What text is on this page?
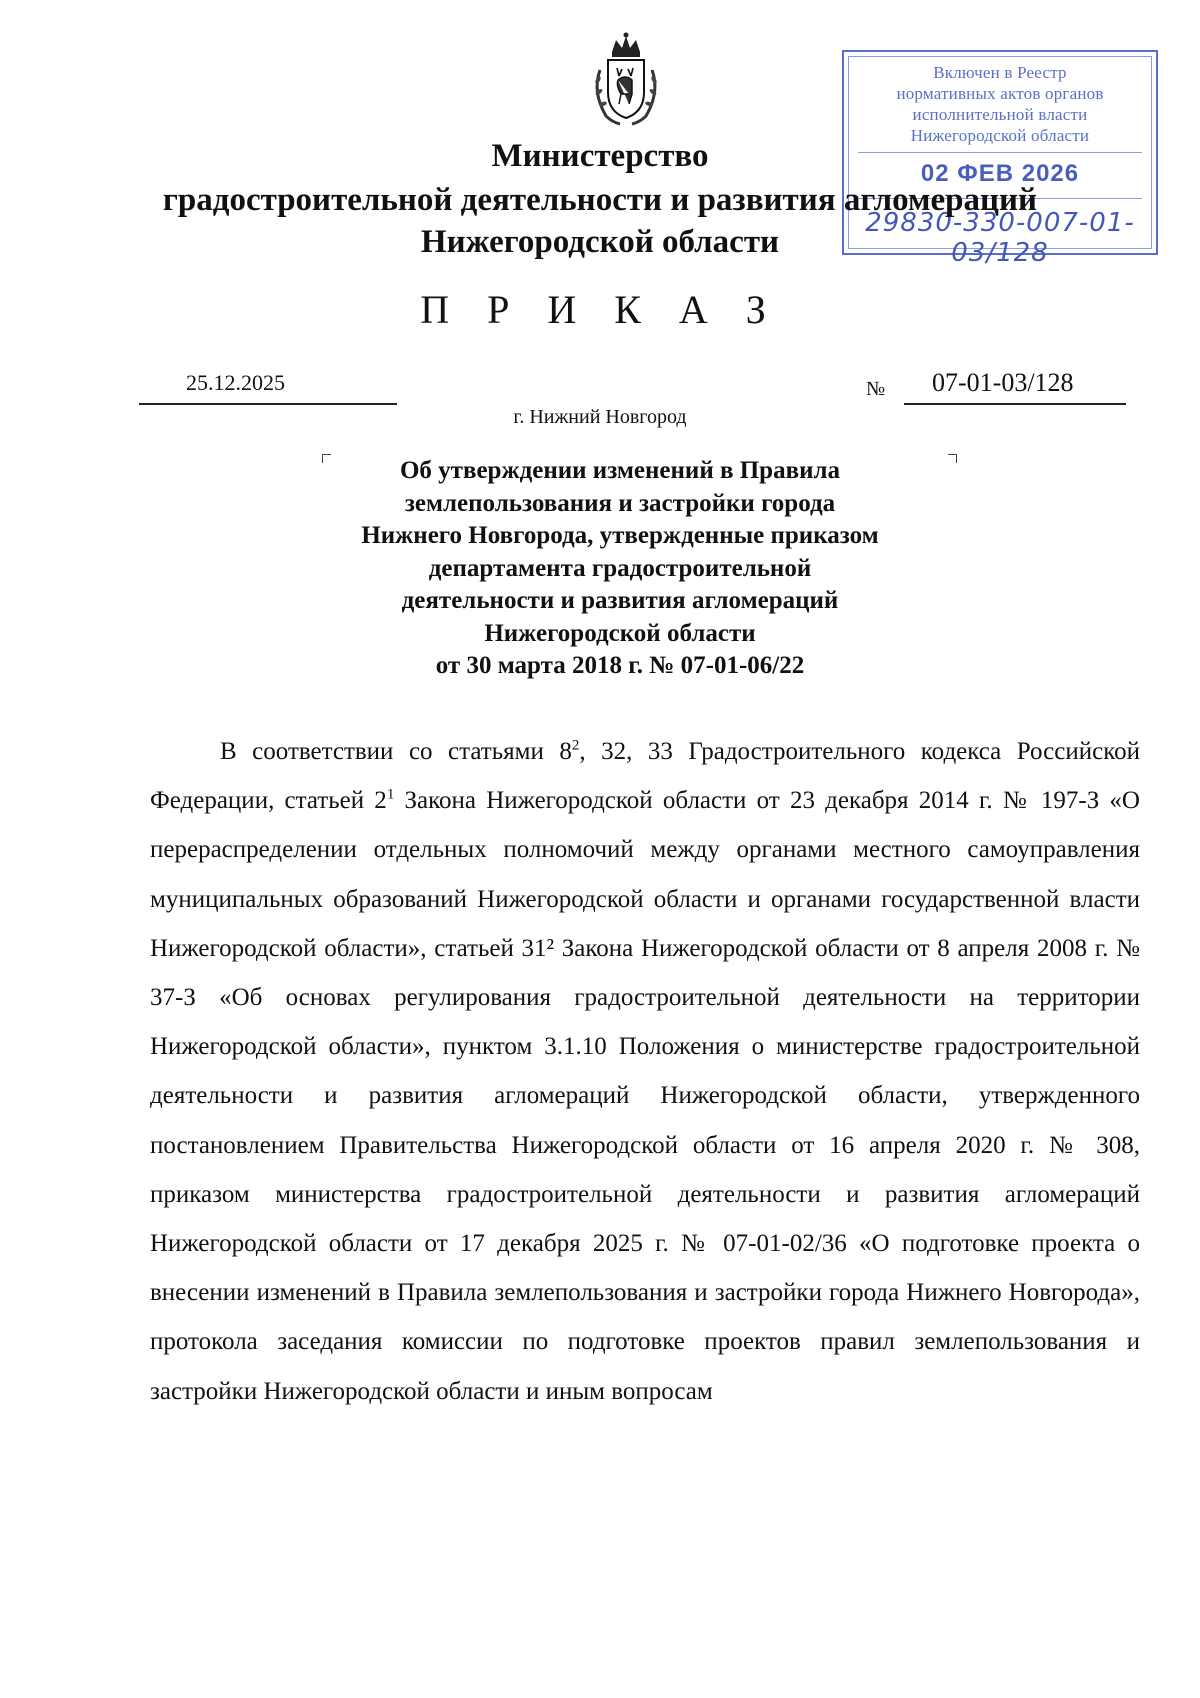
Включен в Реестр
нормативных актов органов
исполнительной власти
Нижегородской области
02 ФЕВ 2026
29830-330-007-01-03/128
Министерство
градостроительной деятельности и развития агломераций
Нижегородской области
П Р И К А З
25.12.2025	№ 07-01-03/128
г. Нижний Новгород
Об утверждении изменений в Правила
землепользования и застройки города
Нижнего Новгорода, утвержденные приказом
департамента градостроительной
деятельности и развития агломераций
Нижегородской области
от 30 марта 2018 г. № 07-01-06/22
В соответствии со статьями $8^2$, 32, 33 Градостроительного кодекса Российской Федерации, статьей $2^1$ Закона Нижегородской области от 23 декабря 2014 г. № 197-З «О перераспределении отдельных полномочий между органами местного самоуправления муниципальных образований Нижегородской области и органами государственной власти Нижегородской области», статьей 31² Закона Нижегородской области от 8 апреля 2008 г. № 37-З «Об основах регулирования градостроительной деятельности на территории Нижегородской области», пунктом 3.1.10 Положения о министерстве градостроительной деятельности и развития агломераций Нижегородской области, утвержденного постановлением Правительства Нижегородской области от 16 апреля 2020 г. № 308, приказом министерства градостроительной деятельности и развития агломераций Нижегородской области от 17 декабря 2025 г. № 07-01-02/36 «О подготовке проекта о внесении изменений в Правила землепользования и застройки города Нижнего Новгорода», протокола заседания комиссии по подготовке проектов правил землепользования и застройки Нижегородской области и иным вопросам
